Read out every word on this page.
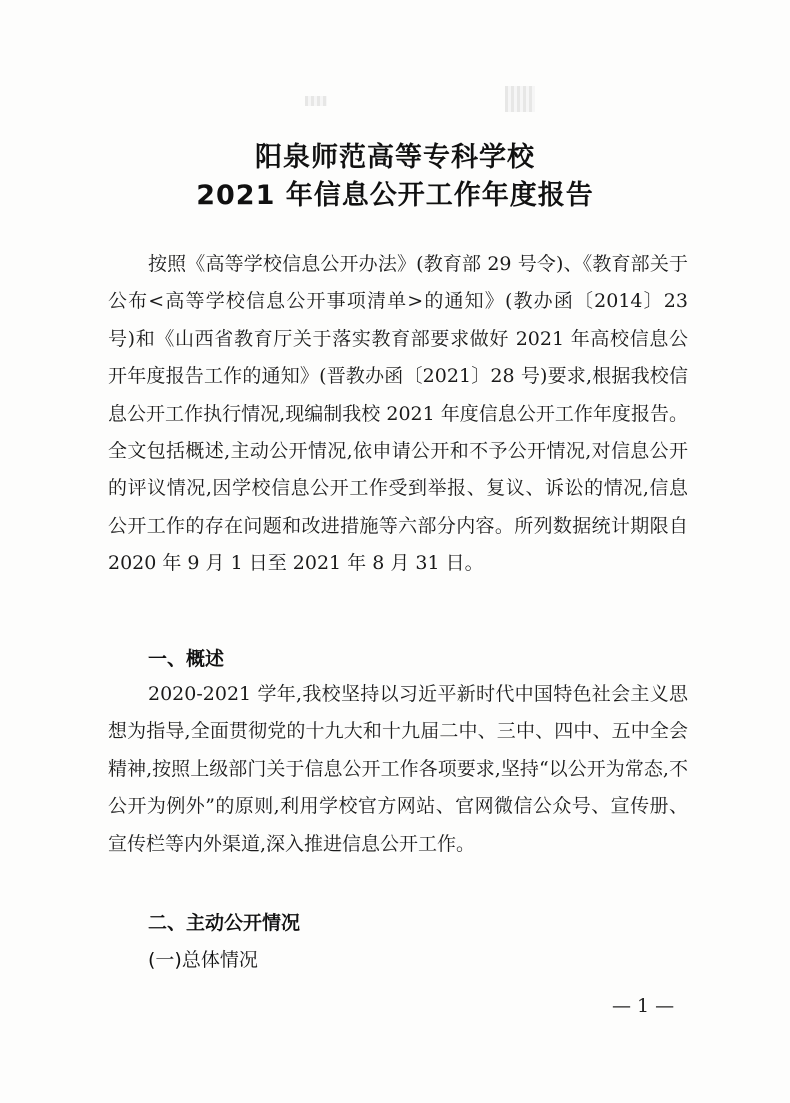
阳泉师范高等专科学校
2021 年信息公开工作年度报告
按照《高等学校信息公开办法》(教育部 29 号令)、《教育部关于公布<高等学校信息公开事项清单>的通知》(教办函〔2014〕23 号)和《山西省教育厅关于落实教育部要求做好 2021 年高校信息公开年度报告工作的通知》(晋教办函〔2021〕28 号)要求,根据我校信息公开工作执行情况,现编制我校 2021 年度信息公开工作年度报告。全文包括概述,主动公开情况,依申请公开和不予公开情况,对信息公开的评议情况,因学校信息公开工作受到举报、复议、诉讼的情况,信息公开工作的存在问题和改进措施等六部分内容。所列数据统计期限自 2020 年 9 月 1 日至 2021 年 8 月 31 日。
一、概述
2020-2021 学年,我校坚持以习近平新时代中国特色社会主义思想为指导,全面贯彻党的十九大和十九届二中、三中、四中、五中全会精神,按照上级部门关于信息公开工作各项要求,坚持“以公开为常态,不公开为例外”的原则,利用学校官方网站、官网微信公众号、宣传册、宣传栏等内外渠道,深入推进信息公开工作。
二、主动公开情况
(一)总体情况
— 1 —
